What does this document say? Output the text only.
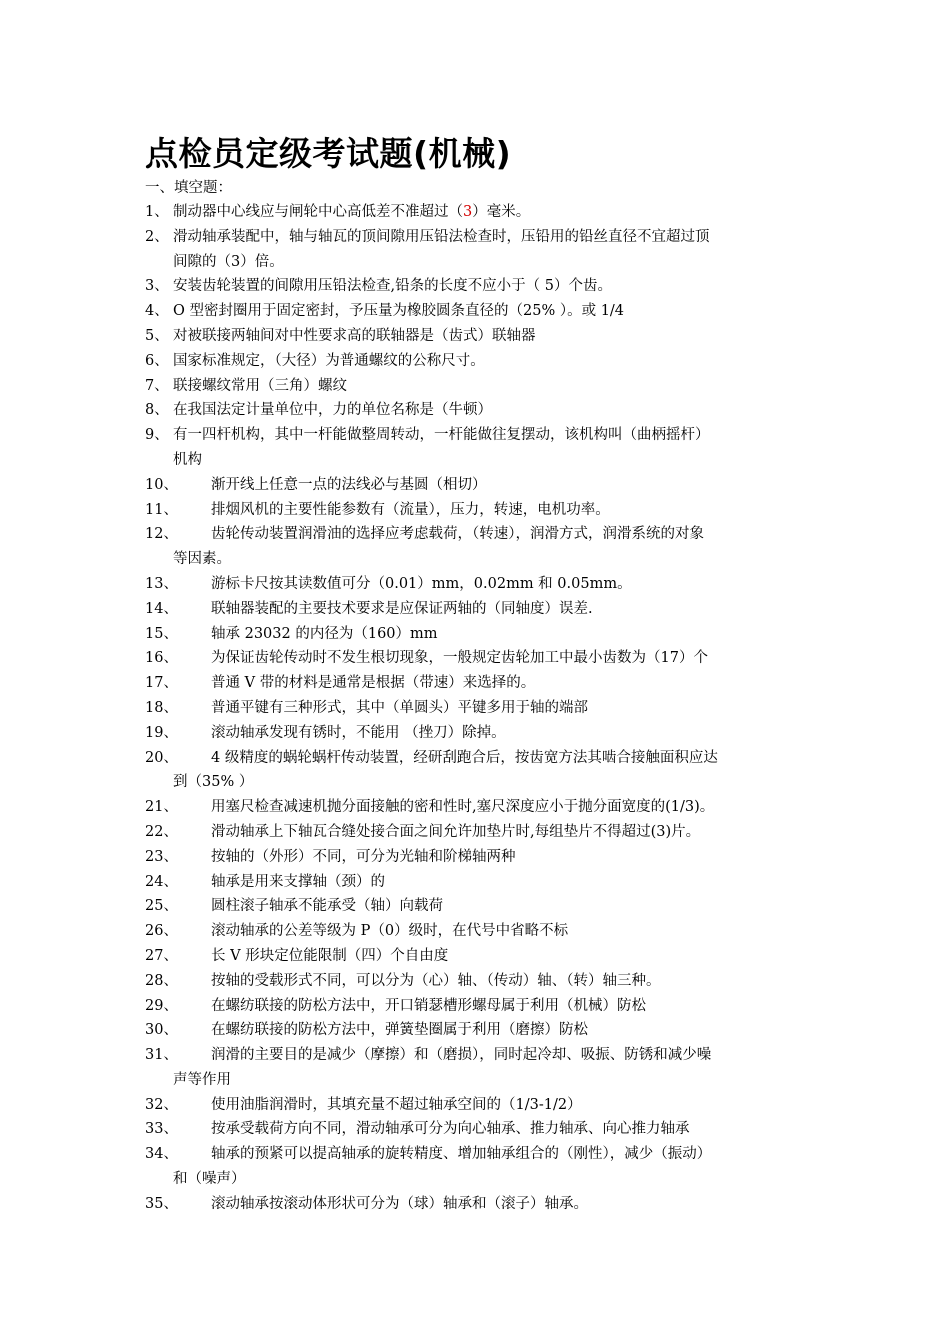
点检员定级考试题(机械)
一、填空题：
1、 制动器中心线应与闸轮中心高低差不准超过（3）毫米。
2、 滑动轴承装配中，轴与轴瓦的顶间隙用压铅法检查时，压铅用的铅丝直径不宜超过顶
间隙的（3）倍。
3、 安装齿轮装置的间隙用压铅法检查,铅条的长度不应小于（ 5）个齿。
4、 O 型密封圈用于固定密封，予压量为橡胶圆条直径的（25% ）。或 1/4
5、 对被联接两轴间对中性要求高的联轴器是（齿式）联轴器
6、 国家标准规定，（大径）为普通螺纹的公称尺寸。
7、 联接螺纹常用（三角）螺纹
8、 在我国法定计量单位中，力的单位名称是（牛顿）
9、 有一四杆机构，其中一杆能做整周转动，一杆能做往复摆动，该机构叫（曲柄摇杆）
机构
10、	渐开线上任意一点的法线必与基圆（相切）
11、	排烟风机的主要性能参数有（流量），压力，转速，电机功率。
12、	齿轮传动装置润滑油的选择应考虑载荷，（转速），润滑方式，润滑系统的对象
等因素。
13、	游标卡尺按其读数值可分（0.01）mm，0.02mm 和 0.05mm。
14、	联轴器装配的主要技术要求是应保证两轴的（同轴度）误差.
15、	轴承 23032 的内径为（160）mm
16、	为保证齿轮传动时不发生根切现象，一般规定齿轮加工中最小齿数为（17）个
17、	普通 V 带的材料是通常是根据（带速）来选择的。
18、	普通平键有三种形式，其中（单圆头）平键多用于轴的端部
19、	滚动轴承发现有锈时，不能用 （挫刀）除掉。
20、	4 级精度的蜗轮蜗杆传动装置，经研刮跑合后，按齿宽方法其啮合接触面积应达
到（35% ）
21、	用塞尺检查减速机抛分面接触的密和性时,塞尺深度应小于抛分面宽度的(1/3)。
22、	滑动轴承上下轴瓦合缝处接合面之间允许加垫片时,每组垫片不得超过(3)片。
23、	按轴的（外形）不同，可分为光轴和阶梯轴两种
24、	轴承是用来支撑轴（颈）的
25、	圆柱滚子轴承不能承受（轴）向载荷
26、	滚动轴承的公差等级为 P（0）级时，在代号中省略不标
27、	长 V 形块定位能限制（四）个自由度
28、	按轴的受载形式不同，可以分为（心）轴、（传动）轴、（转）轴三种。
29、	在螺纺联接的防松方法中，开口销瑟槽形螺母属于利用（机械）防松
30、	在螺纺联接的防松方法中，弹簧垫圈属于利用（磨擦）防松
31、	润滑的主要目的是减少（摩擦）和（磨损），同时起冷却、吸振、防锈和减少噪
声等作用
32、	使用油脂润滑时，其填充量不超过轴承空间的（1/3-1/2）
33、	按承受载荷方向不同，滑动轴承可分为向心轴承、推力轴承、向心推力轴承
34、	轴承的预紧可以提高轴承的旋转精度、增加轴承组合的（刚性），减少（振动）
和（噪声）
35、	滚动轴承按滚动体形状可分为（球）轴承和（滚子）轴承。
